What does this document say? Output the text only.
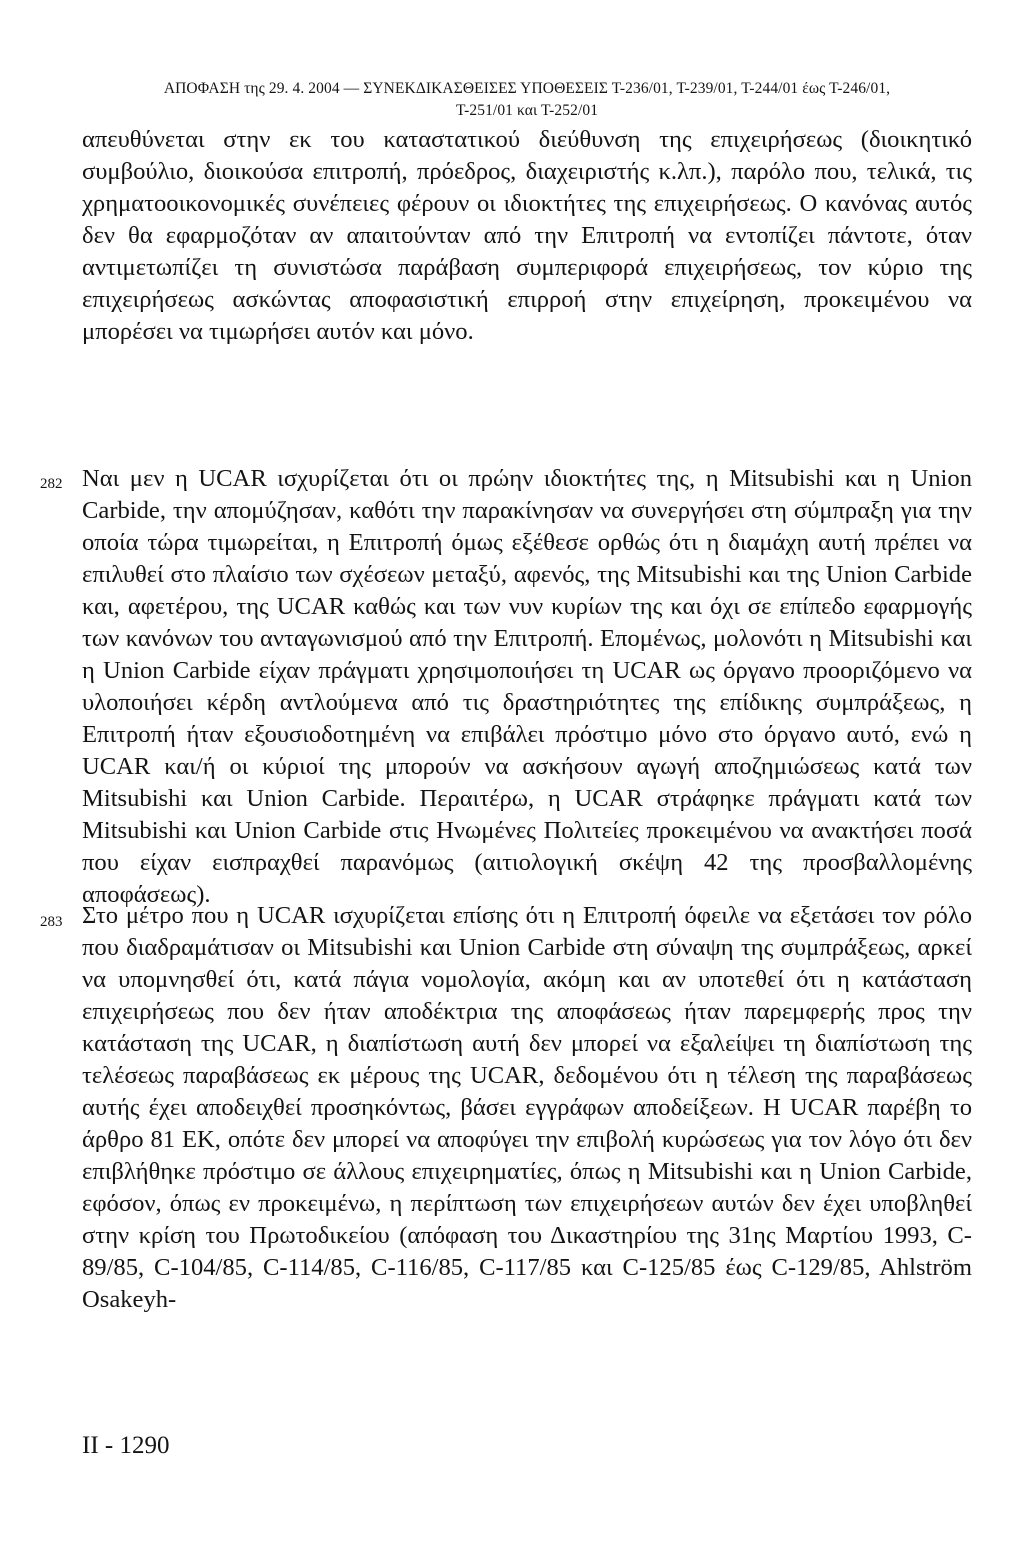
ΑΠΟΦΑΣΗ της 29. 4. 2004 — ΣΥΝΕΚΔΙΚΑΣΘΕΙΣΕΣ ΥΠΟΘΕΣΕΙΣ Τ-236/01, Τ-239/01, Τ-244/01 έως Τ-246/01,
Τ-251/01 και Τ-252/01
απευθύνεται στην εκ του καταστατικού διεύθυνση της επιχειρήσεως (διοικητικό συμβούλιο, διοικούσα επιτροπή, πρόεδρος, διαχειριστής κ.λπ.), παρόλο που, τελικά, τις χρηματοοικονομικές συνέπειες φέρουν οι ιδιοκτήτες της επιχειρήσεως. Ο κανόνας αυτός δεν θα εφαρμοζόταν αν απαιτούνταν από την Επιτροπή να εντοπίζει πάντοτε, όταν αντιμετωπίζει τη συνιστώσα παράβαση συμπεριφορά επιχειρήσεως, τον κύριο της επιχειρήσεως ασκώντας αποφασιστική επιρροή στην επιχείρηση, προκειμένου να μπορέσει να τιμωρήσει αυτόν και μόνο.
282 Ναι μεν η UCAR ισχυρίζεται ότι οι πρώην ιδιοκτήτες της, η Mitsubishi και η Union Carbide, την απομύζησαν, καθότι την παρακίνησαν να συνεργήσει στη σύμπραξη για την οποία τώρα τιμωρείται, η Επιτροπή όμως εξέθεσε ορθώς ότι η διαμάχη αυτή πρέπει να επιλυθεί στο πλαίσιο των σχέσεων μεταξύ, αφενός, της Mitsubishi και της Union Carbide και, αφετέρου, της UCAR καθώς και των νυν κυρίων της και όχι σε επίπεδο εφαρμογής των κανόνων του ανταγωνισμού από την Επιτροπή. Επομένως, μολονότι η Mitsubishi και η Union Carbide είχαν πράγματι χρησιμοποιήσει τη UCAR ως όργανο προοριζόμενο να υλοποιήσει κέρδη αντλούμενα από τις δραστηριότητες της επίδικης συμπράξεως, η Επιτροπή ήταν εξουσιοδοτημένη να επιβάλει πρόστιμο μόνο στο όργανο αυτό, ενώ η UCAR και/ή οι κύριοί της μπορούν να ασκήσουν αγωγή αποζημιώσεως κατά των Mitsubishi και Union Carbide. Περαιτέρω, η UCAR στράφηκε πράγματι κατά των Mitsubishi και Union Carbide στις Ηνωμένες Πολιτείες προκειμένου να ανακτήσει ποσά που είχαν εισπραχθεί παρανόμως (αιτιολογική σκέψη 42 της προσβαλλομένης αποφάσεως).
283 Στο μέτρο που η UCAR ισχυρίζεται επίσης ότι η Επιτροπή όφειλε να εξετάσει τον ρόλο που διαδραμάτισαν οι Mitsubishi και Union Carbide στη σύναψη της συμπράξεως, αρκεί να υπομνησθεί ότι, κατά πάγια νομολογία, ακόμη και αν υποτεθεί ότι η κατάσταση επιχειρήσεως που δεν ήταν αποδέκτρια της αποφάσεως ήταν παρεμφερής προς την κατάσταση της UCAR, η διαπίστωση αυτή δεν μπορεί να εξαλείψει τη διαπίστωση της τελέσεως παραβάσεως εκ μέρους της UCAR, δεδομένου ότι η τέλεση της παραβάσεως αυτής έχει αποδειχθεί προσηκόντως, βάσει εγγράφων αποδείξεων. Η UCAR παρέβη το άρθρο 81 ΕΚ, οπότε δεν μπορεί να αποφύγει την επιβολή κυρώσεως για τον λόγο ότι δεν επιβλήθηκε πρόστιμο σε άλλους επιχειρηματίες, όπως η Mitsubishi και η Union Carbide, εφόσον, όπως εν προκειμένω, η περίπτωση των επιχειρήσεων αυτών δεν έχει υποβληθεί στην κρίση του Πρωτοδικείου (απόφαση του Δικαστηρίου της 31ης Μαρτίου 1993, C-89/85, C-104/85, C-114/85, C-116/85, C-117/85 και C-125/85 έως C-129/85, Ahlström Osakeyh-
II - 1290
